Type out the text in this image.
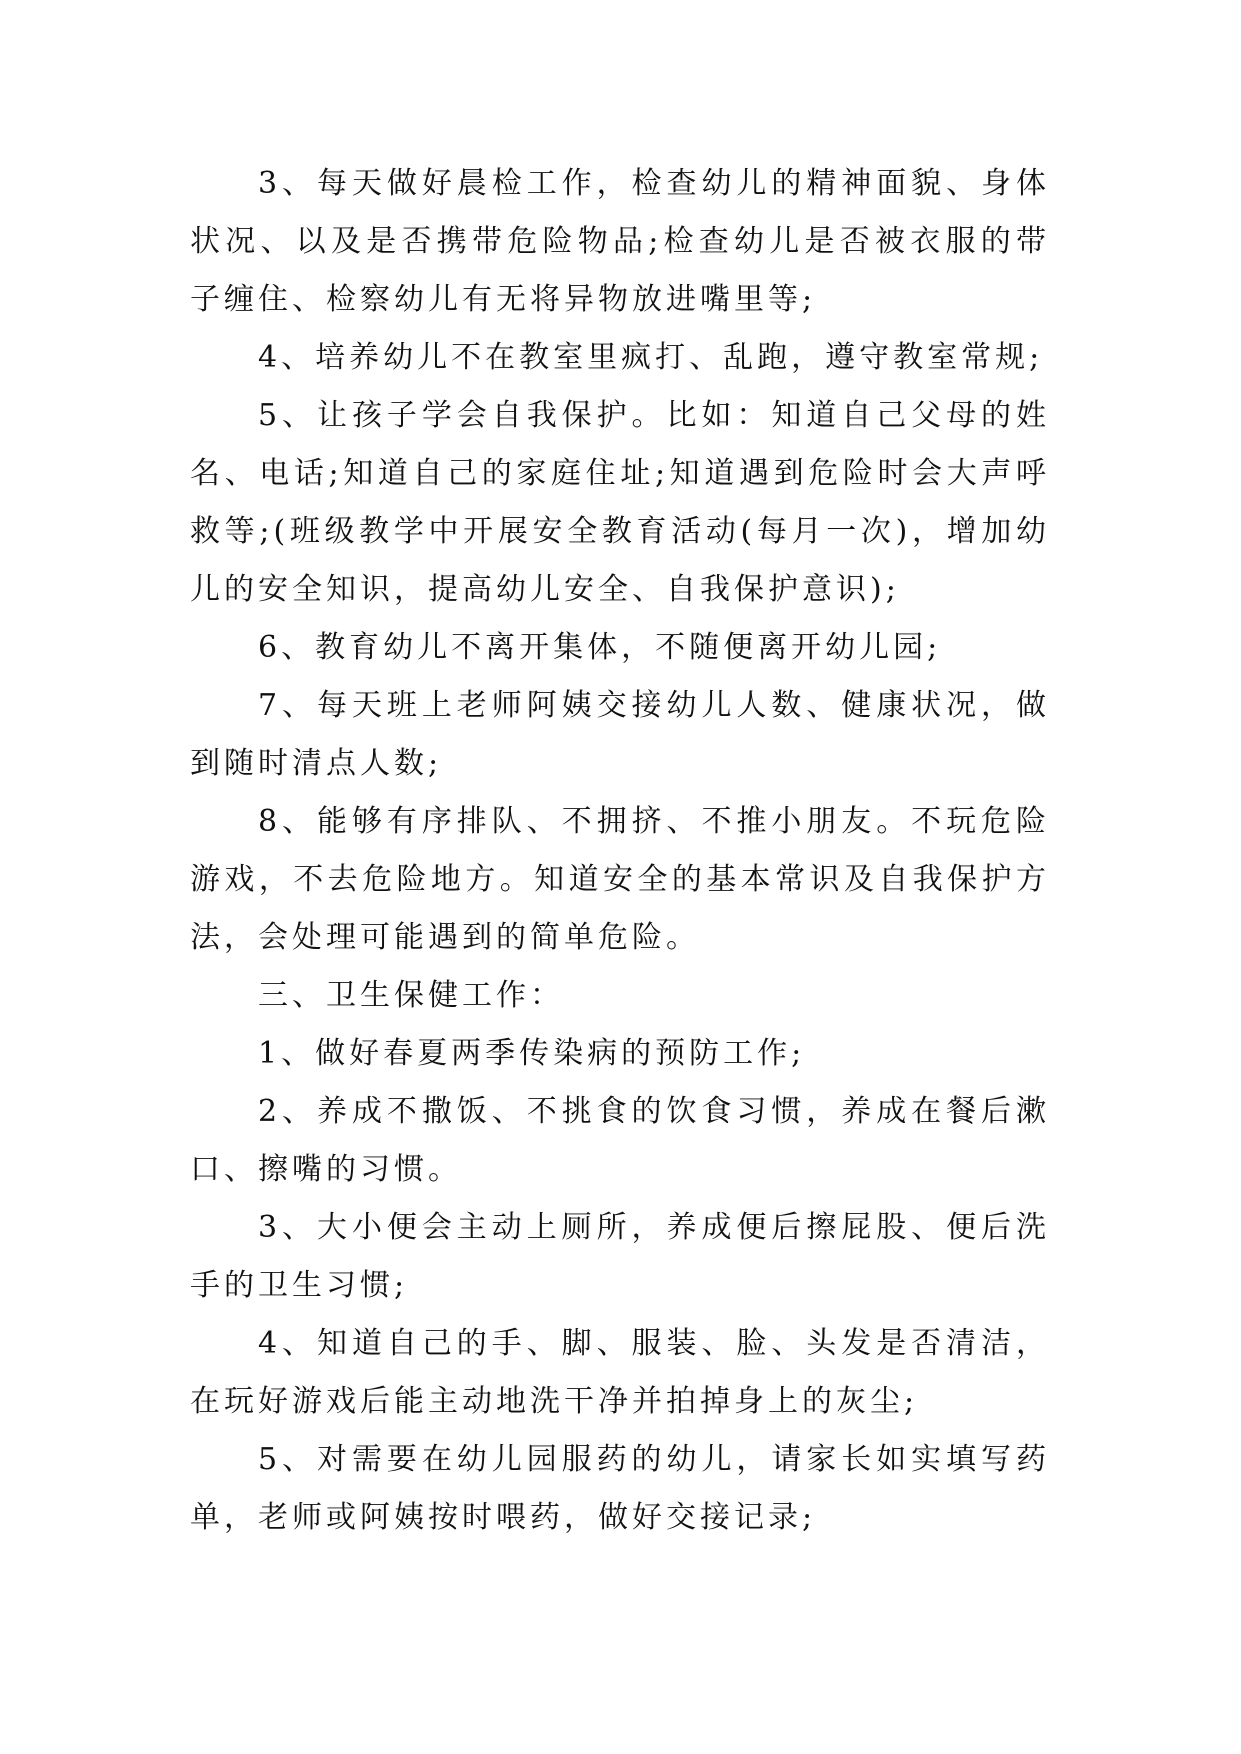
3、每天做好晨检工作，检查幼儿的精神面貌、身体状况、以及是否携带危险物品;检查幼儿是否被衣服的带子缠住、检察幼儿有无将异物放进嘴里等;

4、培养幼儿不在教室里疯打、乱跑，遵守教室常规;

5、让孩子学会自我保护。比如：知道自己父母的姓名、电话;知道自己的家庭住址;知道遇到危险时会大声呼救等;(班级教学中开展安全教育活动(每月一次)，增加幼儿的安全知识，提高幼儿安全、自我保护意识);

6、教育幼儿不离开集体，不随便离开幼儿园;

7、每天班上老师阿姨交接幼儿人数、健康状况，做到随时清点人数;

8、能够有序排队、不拥挤、不推小朋友。不玩危险游戏，不去危险地方。知道安全的基本常识及自我保护方法，会处理可能遇到的简单危险。

三、卫生保健工作：

1、做好春夏两季传染病的预防工作;

2、养成不撒饭、不挑食的饮食习惯，养成在餐后漱口、擦嘴的习惯。

3、大小便会主动上厕所，养成便后擦屁股、便后洗手的卫生习惯;

4、知道自己的手、脚、服装、脸、头发是否清洁，在玩好游戏后能主动地洗干净并拍掉身上的灰尘;

5、对需要在幼儿园服药的幼儿，请家长如实填写药单，老师或阿姨按时喂药，做好交接记录;
